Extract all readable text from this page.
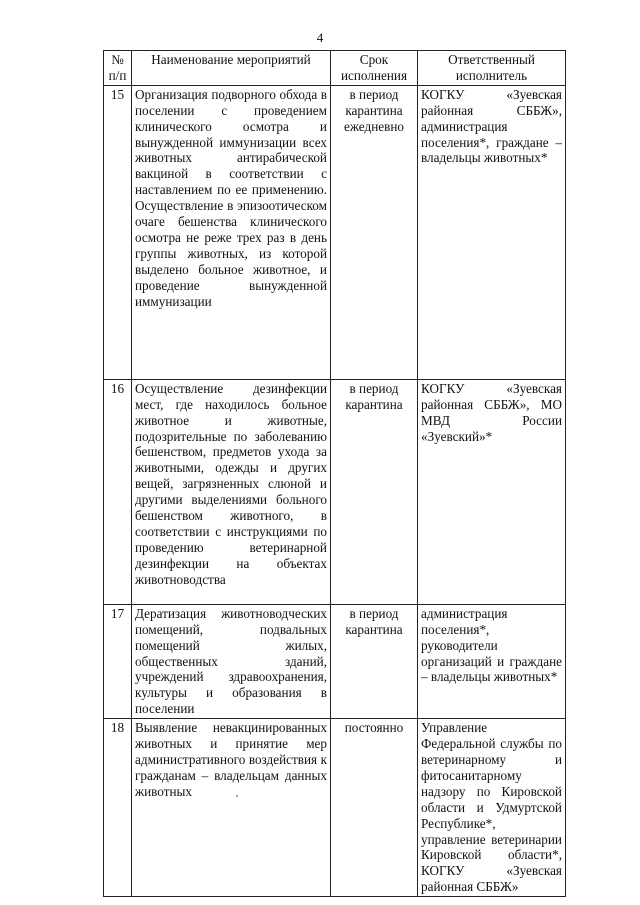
4
№ п/п	Наименование мероприятий	Срок исполнения	Ответственный исполнитель
15	Организация подворного обхода в поселении с проведением клинического осмотра и вынужденной иммунизации всех животных антирабической вакциной в соответствии с наставлением по ее применению. Осуществление в эпизоотическом очаге бешенства клинического осмотра не реже трех раз в день группы животных, из которой выделено больное животное, и проведение вынужденной иммунизации	в период карантина ежедневно	КОГКУ «Зуевская районная СББЖ», администрация поселения*, граждане – владельцы животных*
16	Осуществление дезинфекции мест, где находилось больное животное и животные, подозрительные по заболеванию бешенством, предметов ухода за животными, одежды и других вещей, загрязненных слюной и другими выделениями больного бешенством животного, в соответствии с инструкциями по проведению ветеринарной дезинфекции на объектах животноводства	в период карантина	КОГКУ «Зуевская районная СББЖ», МО МВД России «Зуевский»*
17	Дератизация животноводческих помещений, подвальных помещений жилых, общественных зданий, учреждений здравоохранения, культуры и образования в поселении	в период карантина	администрация поселения*, руководители организаций и граждане – владельцы животных*
18	Выявление невакцинированных животных и принятие мер административного воздействия к гражданам – владельцам данных животных	постоянно	Управление Федеральной службы по ветеринарному и фитосанитарному надзору по Кировской области и Удмуртской Республике*, управление ветеринарии Кировской области*, КОГКУ «Зуевская районная СББЖ»
